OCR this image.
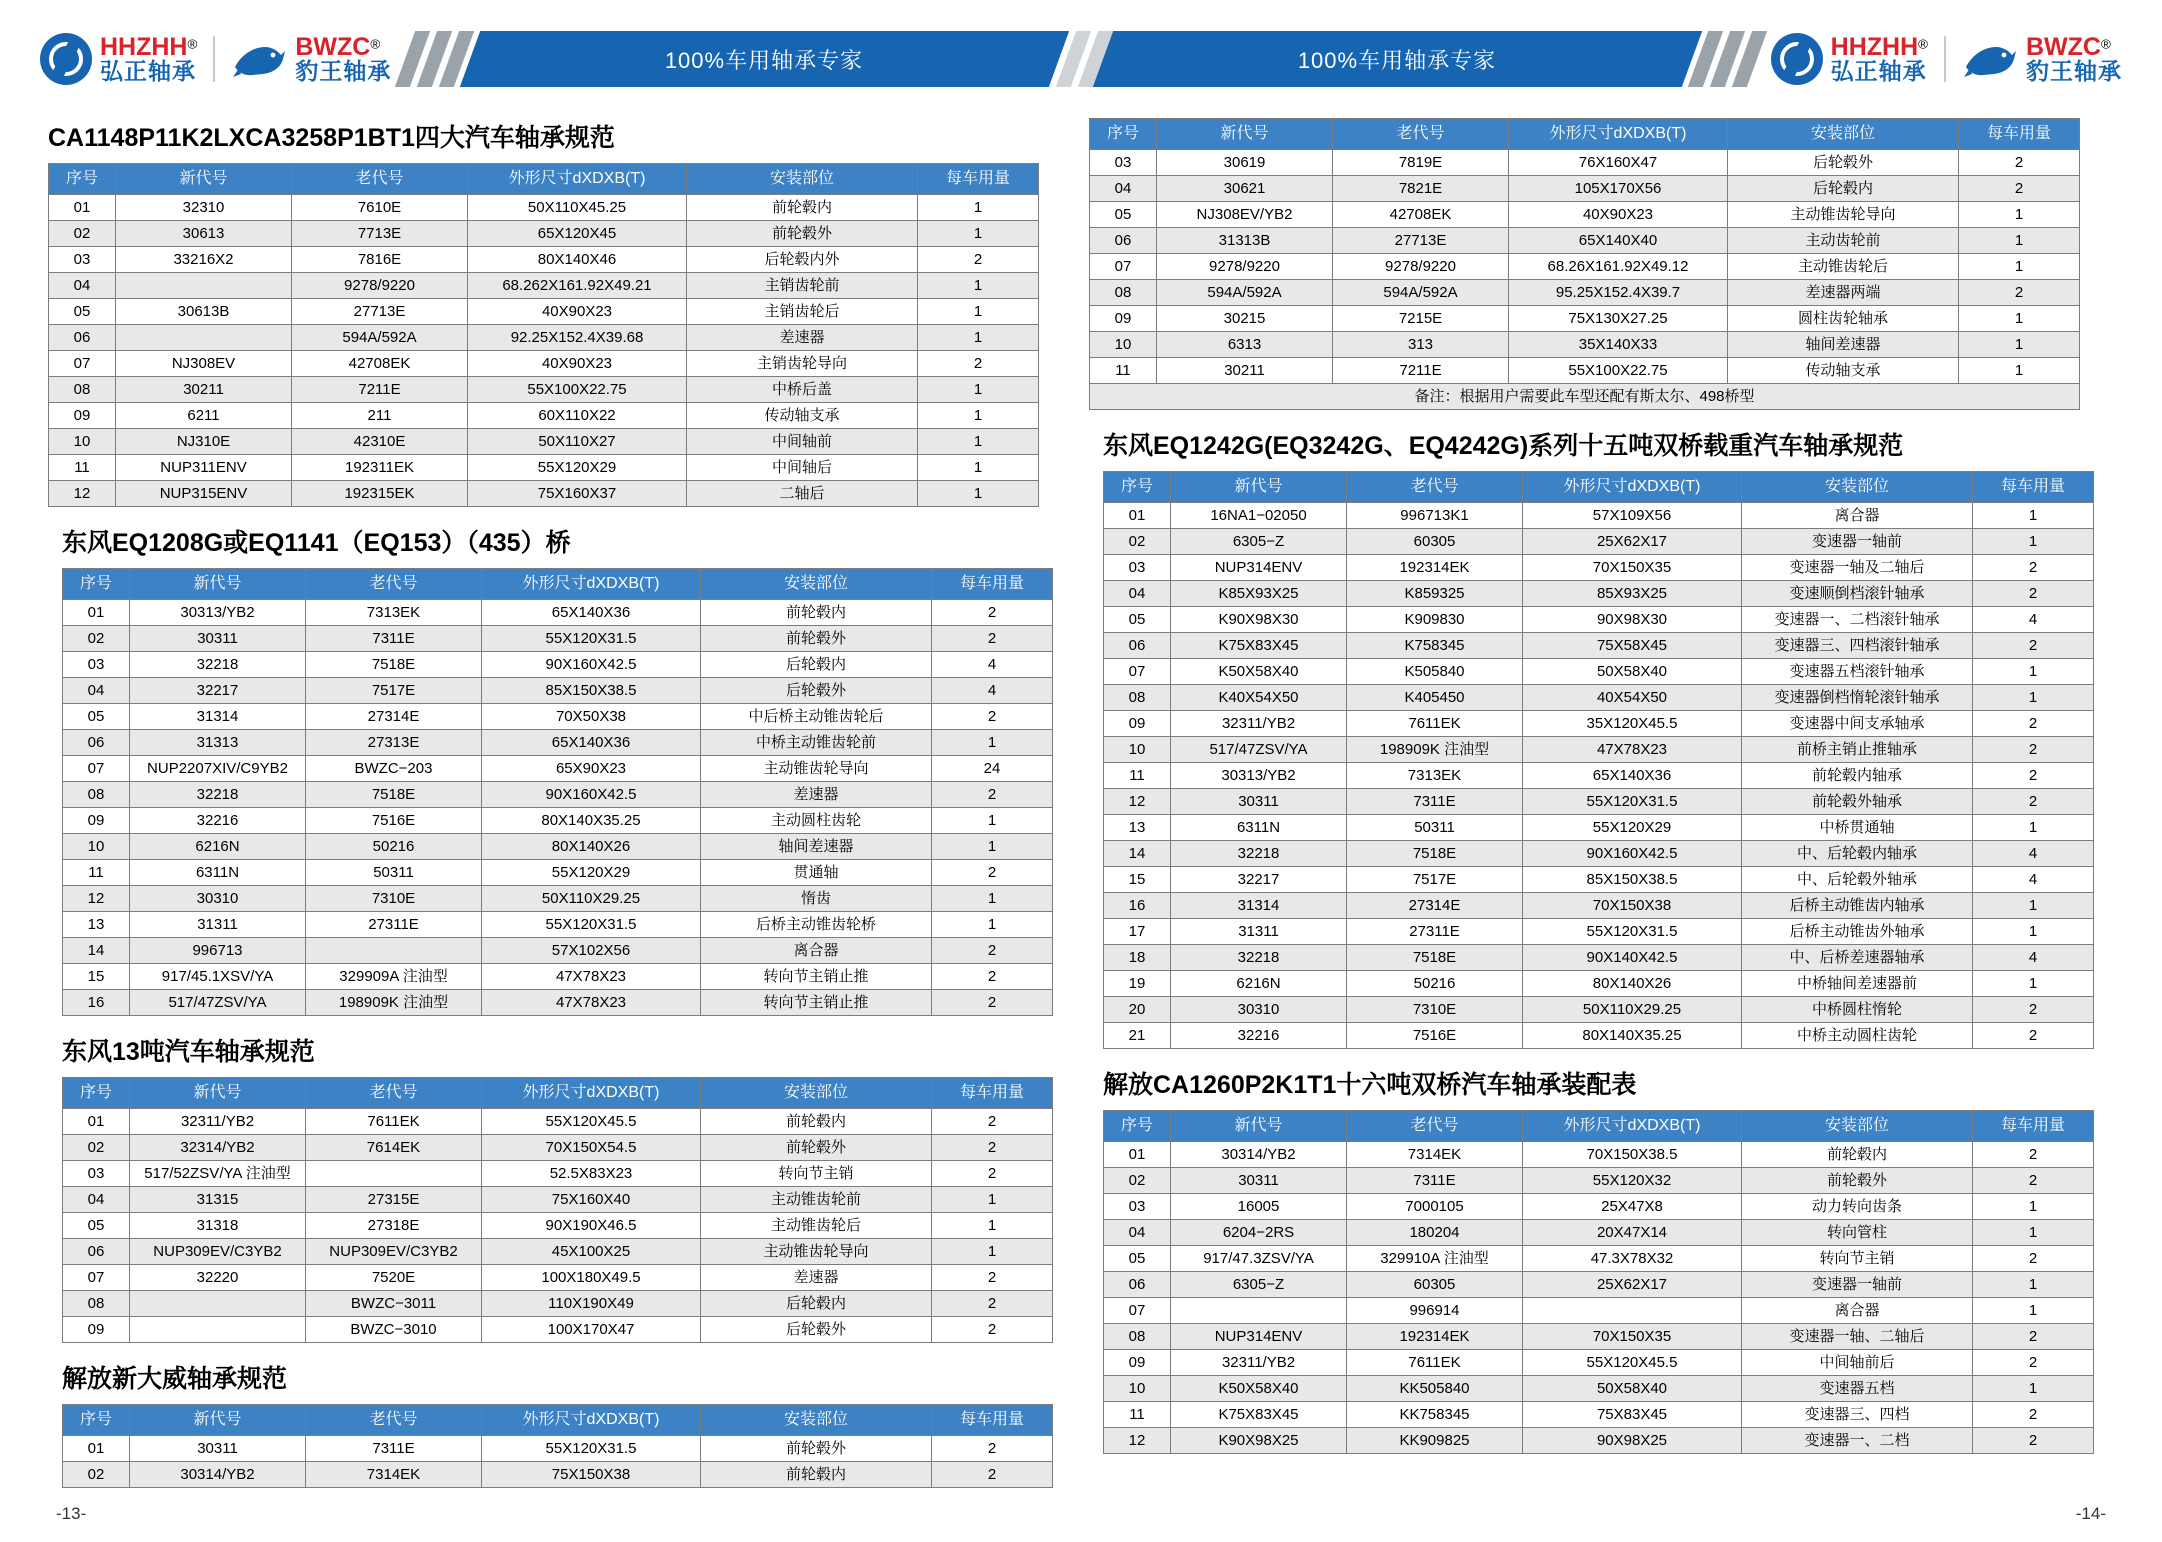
HHZHH®
弘正轴承
BWZC®
豹王轴承	100%车用轴承专家	100%车用轴承专家	HHZHH®
弘正轴承
BWZC®
豹王轴承
CA1148P11K2LXCA3258P1BT1四大汽车轴承规范
序号	新代号	老代号	外形尺寸dXDXB(T)	安装部位	每车用量
01	32310	7610E	50X110X45.25	前轮毂内	1
02	30613	7713E	65X120X45	前轮毂外	1
03	33216X2	7816E	80X140X46	后轮毂内外	2
04		9278/9220	68.262X161.92X49.21	主销齿轮前	1
05	30613B	27713E	40X90X23	主销齿轮后	1
06		594A/592A	92.25X152.4X39.68	差速器	1
07	NJ308EV	42708EK	40X90X23	主销齿轮导向	2
08	30211	7211E	55X100X22.75	中桥后盖	1
09	6211	211	60X110X22	传动轴支承	1
10	NJ310E	42310E	50X110X27	中间轴前	1
11	NUP311ENV	192311EK	55X120X29	中间轴后	1
12	NUP315ENV	192315EK	75X160X37	二轴后	1
东风EQ1208G或EQ1141（EQ153）（435）桥
序号	新代号	老代号	外形尺寸dXDXB(T)	安装部位	每车用量
01	30313/YB2	7313EK	65X140X36	前轮毂内	2
02	30311	7311E	55X120X31.5	前轮毂外	2
03	32218	7518E	90X160X42.5	后轮毂内	4
04	32217	7517E	85X150X38.5	后轮毂外	4
05	31314	27314E	70X50X38	中后桥主动锥齿轮后	2
06	31313	27313E	65X140X36	中桥主动锥齿轮前	1
07	NUP2207XIV/C9YB2	BWZC−203	65X90X23	主动锥齿轮导向	24
08	32218	7518E	90X160X42.5	差速器	2
09	32216	7516E	80X140X35.25	主动圆柱齿轮	1
10	6216N	50216	80X140X26	轴间差速器	1
11	6311N	50311	55X120X29	贯通轴	2
12	30310	7310E	50X110X29.25	惰齿	1
13	31311	27311E	55X120X31.5	后桥主动锥齿轮桥	1
14	996713		57X102X56	离合器	2
15	917/45.1XSV/YA	329909A 注油型	47X78X23	转向节主销止推	2
16	517/47ZSV/YA	198909K 注油型	47X78X23	转向节主销止推	2
东风13吨汽车轴承规范
序号	新代号	老代号	外形尺寸dXDXB(T)	安装部位	每车用量
01	32311/YB2	7611EK	55X120X45.5	前轮毂内	2
02	32314/YB2	7614EK	70X150X54.5	前轮毂外	2
03	517/52ZSV/YA 注油型		52.5X83X23	转向节主销	2
04	31315	27315E	75X160X40	主动锥齿轮前	1
05	31318	27318E	90X190X46.5	主动锥齿轮后	1
06	NUP309EV/C3YB2	NUP309EV/C3YB2	45X100X25	主动锥齿轮导向	1
07	32220	7520E	100X180X49.5	差速器	2
08		BWZC−3011	110X190X49	后轮毂内	2
09		BWZC−3010	100X170X47	后轮毂外	2
解放新大威轴承规范
序号	新代号	老代号	外形尺寸dXDXB(T)	安装部位	每车用量
01	30311	7311E	55X120X31.5	前轮毂外	2
02	30314/YB2	7314EK	75X150X38	前轮毂内	2
序号	新代号	老代号	外形尺寸dXDXB(T)	安装部位	每车用量
03	30619	7819E	76X160X47	后轮毂外	2
04	30621	7821E	105X170X56	后轮毂内	2
05	NJ308EV/YB2	42708EK	40X90X23	主动锥齿轮导向	1
06	31313B	27713E	65X140X40	主动齿轮前	1
07	9278/9220	9278/9220	68.26X161.92X49.12	主动锥齿轮后	1
08	594A/592A	594A/592A	95.25X152.4X39.7	差速器两端	2
09	30215	7215E	75X130X27.25	圆柱齿轮轴承	1
10	6313	313	35X140X33	轴间差速器	1
11	30211	7211E	55X100X22.75	传动轴支承	1
备注：根据用户需要此车型还配有斯太尔、498桥型					
东风EQ1242G(EQ3242G、EQ4242G)系列十五吨双桥载重汽车轴承规范
序号	新代号	老代号	外形尺寸dXDXB(T)	安装部位	每车用量
01	16NA1−02050	996713K1	57X109X56	离合器	1
02	6305−Z	60305	25X62X17	变速器一轴前	1
03	NUP314ENV	192314EK	70X150X35	变速器一轴及二轴后	2
04	K85X93X25	K859325	85X93X25	变速顺倒档滚针轴承	2
05	K90X98X30	K909830	90X98X30	变速器一、二档滚针轴承	4
06	K75X83X45	K758345	75X58X45	变速器三、四档滚针轴承	2
07	K50X58X40	K505840	50X58X40	变速器五档滚针轴承	1
08	K40X54X50	K405450	40X54X50	变速器倒档惰轮滚针轴承	1
09	32311/YB2	7611EK	35X120X45.5	变速器中间支承轴承	2
10	517/47ZSV/YA	198909K 注油型	47X78X23	前桥主销止推轴承	2
11	30313/YB2	7313EK	65X140X36	前轮毂内轴承	2
12	30311	7311E	55X120X31.5	前轮毂外轴承	2
13	6311N	50311	55X120X29	中桥贯通轴	1
14	32218	7518E	90X160X42.5	中、后轮毂内轴承	4
15	32217	7517E	85X150X38.5	中、后轮毂外轴承	4
16	31314	27314E	70X150X38	后桥主动锥齿内轴承	1
17	31311	27311E	55X120X31.5	后桥主动锥齿外轴承	1
18	32218	7518E	90X140X42.5	中、后桥差速器轴承	4
19	6216N	50216	80X140X26	中桥轴间差速器前	1
20	30310	7310E	50X110X29.25	中桥圆柱惰轮	2
21	32216	7516E	80X140X35.25	中桥主动圆柱齿轮	2
解放CA1260P2K1T1十六吨双桥汽车轴承装配表
序号	新代号	老代号	外形尺寸dXDXB(T)	安装部位	每车用量
01	30314/YB2	7314EK	70X150X38.5	前轮毂内	2
02	30311	7311E	55X120X32	前轮毂外	2
03	16005	7000105	25X47X8	动力转向齿条	1
04	6204−2RS	180204	20X47X14	转向管柱	1
05	917/47.3ZSV/YA	329910A 注油型	47.3X78X32	转向节主销	2
06	6305−Z	60305	25X62X17	变速器一轴前	1
07		996914		离合器	1
08	NUP314ENV	192314EK	70X150X35	变速器一轴、二轴后	2
09	32311/YB2	7611EK	55X120X45.5	中间轴前后	2
10	K50X58X40	KK505840	50X58X40	变速器五档	1
11	K75X83X45	KK758345	75X83X45	变速器三、四档	2
12	K90X98X25	KK909825	90X98X25	变速器一、二档	2
-13-	-14-
